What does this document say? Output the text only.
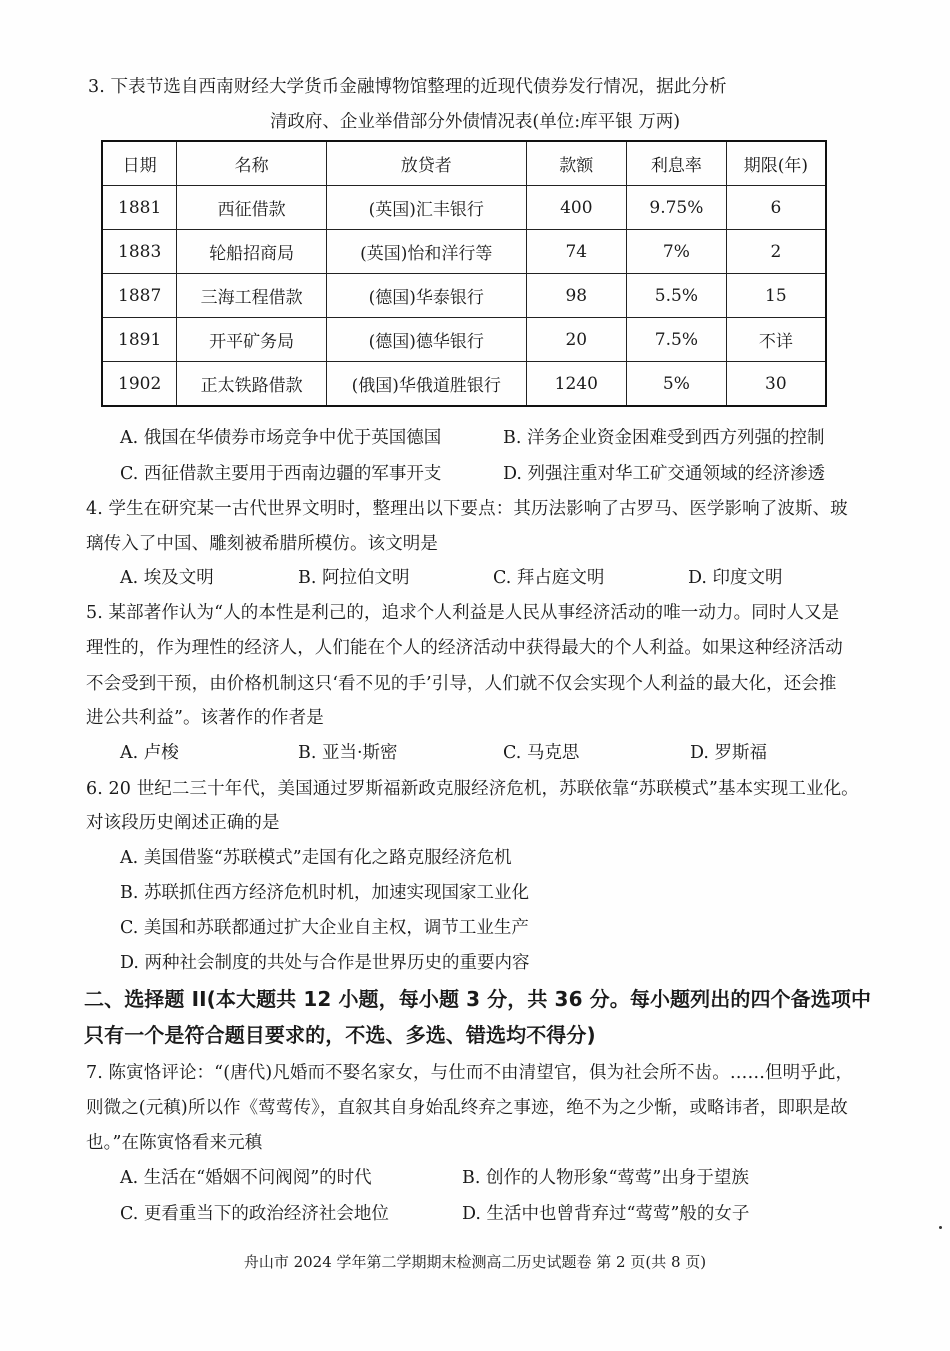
3. 下表节选自西南财经大学货币金融博物馆整理的近现代债券发行情况，据此分析
清政府、企业举借部分外债情况表(单位:库平银 万两)
日期	名称	放贷者	款额	利息率	期限(年)
1881	西征借款	(英国)汇丰银行	400	9.75%	6
1883	轮船招商局	(英国)怡和洋行等	74	7%	2
1887	三海工程借款	(德国)华泰银行	98	5.5%	15
1891	开平矿务局	(德国)德华银行	20	7.5%	不详
1902	正太铁路借款	(俄国)华俄道胜银行	1240	5%	30
A. 俄国在华债券市场竞争中优于英国德国	B. 洋务企业资金困难受到西方列强的控制
C. 西征借款主要用于西南边疆的军事开支	D. 列强注重对华工矿交通领域的经济渗透
4. 学生在研究某一古代世界文明时，整理出以下要点：其历法影响了古罗马、医学影响了波斯、玻
璃传入了中国、雕刻被希腊所模仿。该文明是
A. 埃及文明	B. 阿拉伯文明	C. 拜占庭文明	D. 印度文明
5. 某部著作认为“人的本性是利己的，追求个人利益是人民从事经济活动的唯一动力。同时人又是
理性的，作为理性的经济人，人们能在个人的经济活动中获得最大的个人利益。如果这种经济活动
不会受到干预，由价格机制这只‘看不见的手’引导，人们就不仅会实现个人利益的最大化，还会推
进公共利益”。该著作的作者是
A. 卢梭	B. 亚当·斯密	C. 马克思	D. 罗斯福
6. 20 世纪二三十年代，美国通过罗斯福新政克服经济危机，苏联依靠“苏联模式”基本实现工业化。
对该段历史阐述正确的是
A. 美国借鉴“苏联模式”走国有化之路克服经济危机
B. 苏联抓住西方经济危机时机，加速实现国家工业化
C. 美国和苏联都通过扩大企业自主权，调节工业生产
D. 两种社会制度的共处与合作是世界历史的重要内容
二、选择题 II(本大题共 12 小题，每小题 3 分，共 36 分。每小题列出的四个备选项中
只有一个是符合题目要求的，不选、多选、错选均不得分)
7. 陈寅恪评论：“(唐代)凡婚而不娶名家女，与仕而不由清望官，俱为社会所不齿。……但明乎此，
则微之(元稹)所以作《莺莺传》，直叙其自身始乱终弃之事迹，绝不为之少惭，或略讳者，即职是故
也。”在陈寅恪看来元稹
A. 生活在“婚姻不问阀阅”的时代	B. 创作的人物形象“莺莺”出身于望族
C. 更看重当下的政治经济社会地位	D. 生活中也曾背弃过“莺莺”般的女子
舟山市 2024 学年第二学期期末检测高二历史试题卷 第 2 页(共 8 页)
